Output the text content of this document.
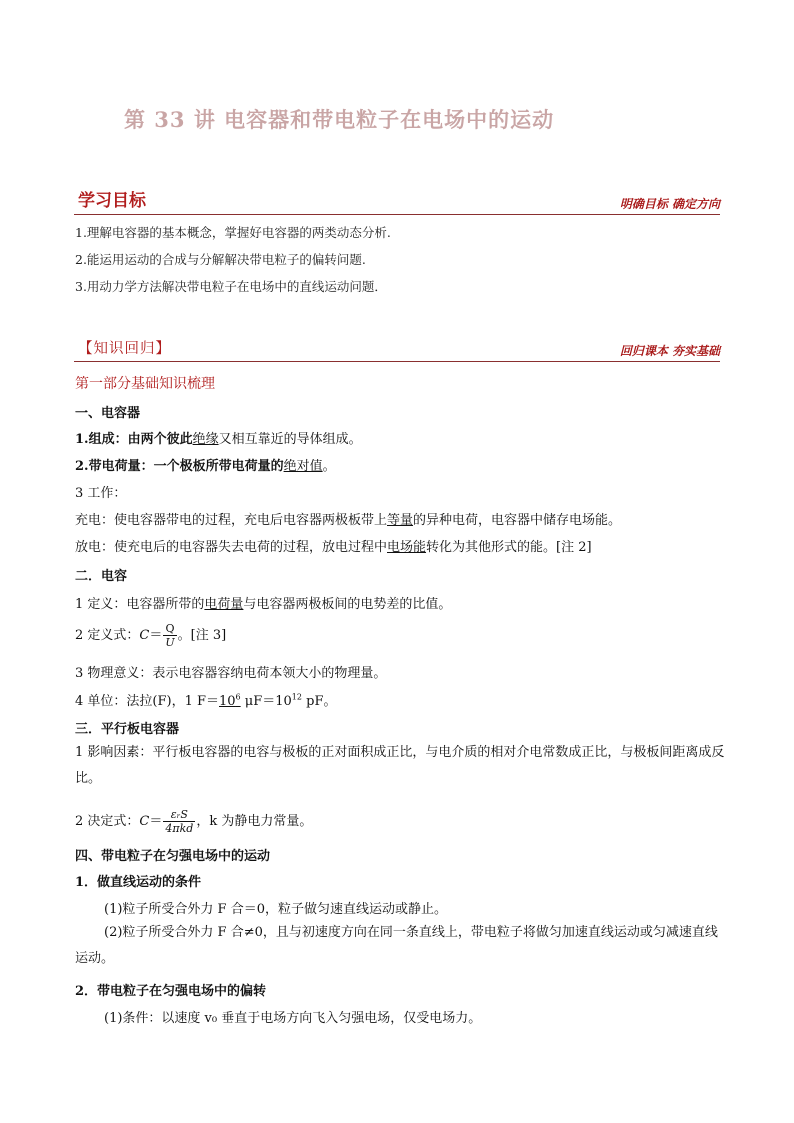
第 33 讲 电容器和带电粒子在电场中的运动
学习目标	明确目标 确定方向
1.理解电容器的基本概念，掌握好电容器的两类动态分析.
2.能运用运动的合成与分解解决带电粒子的偏转问题.
3.用动力学方法解决带电粒子在电场中的直线运动问题．
【知识回归】	回归课本 夯实基础
第一部分基础知识梳理
一、电容器
1.组成：由两个彼此绝缘又相互靠近的导体组成。
2.带电荷量：一个极板所带电荷量的绝对值。
3 工作：
充电：使电容器带电的过程，充电后电容器两极板带上等量的异种电荷，电容器中储存电场能。
放电：使充电后的电容器失去电荷的过程，放电过程中电场能转化为其他形式的能。[注 2]
二．电容
1 定义：电容器所带的电荷量与电容器两极板间的电势差的比值。
2 定义式：$C= \frac{Q}{U}$ 。[注 3]
3 物理意义：表示电容器容纳电荷本领大小的物理量。
4 单位：法拉(F)，1 $F=10^6$ $\mu F=10^{12}$ pF。
三．平行板电容器
1 影响因素：平行板电容器的电容与极板的正对面积成正比，与电介质的相对介电常数成正比，与极板间距离成反比。
2 决定式：$C= \frac{\text{εᵣS}}{\text{4πkd}}$ ，k 为静电力常量。
四、带电粒子在匀强电场中的运动
1．做直线运动的条件
(1)粒子所受合外力 F 合＝0，粒子做匀速直线运动或静止。
(2)粒子所受合外力 F 合≠0，且与初速度方向在同一条直线上，带电粒子将做匀加速直线运动或匀减速直线运动。
2．带电粒子在匀强电场中的偏转
(1)条件：以速度 v₀ 垂直于电场方向飞入匀强电场，仅受电场力。
